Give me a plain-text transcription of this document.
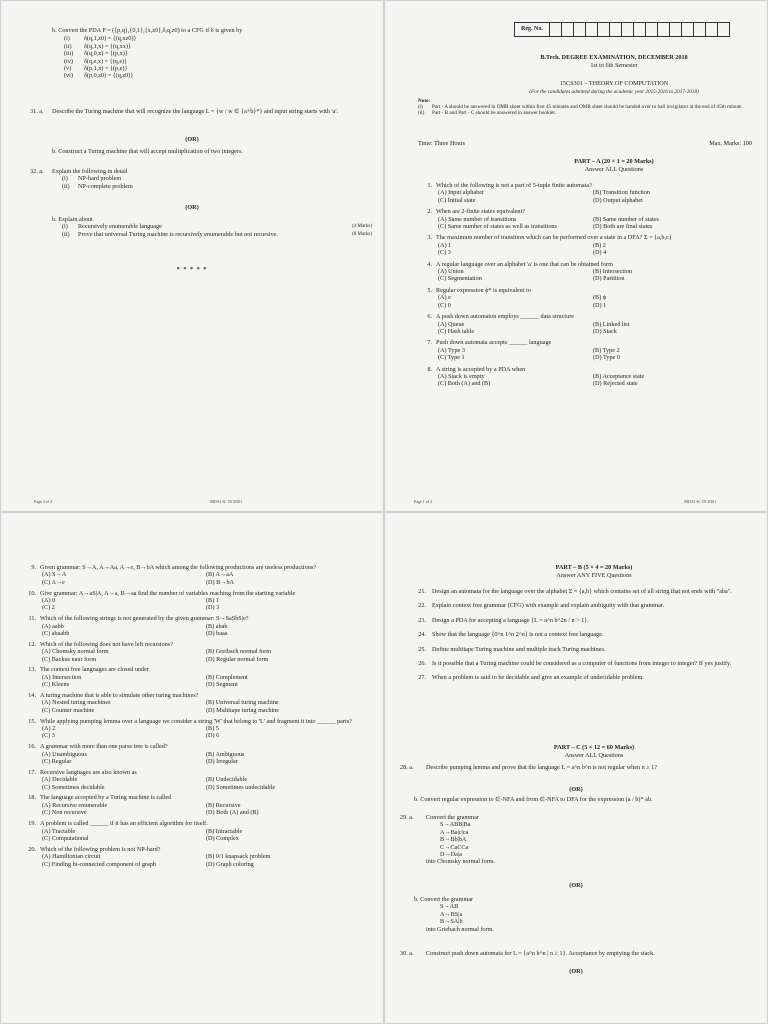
b. Convert the PDA P = ({p,q},{0,1},{x,z0},δ,q,z0) to a CFG if δ is given by
(i)	δ(q,1,z0) = {(q,xz0)}
(ii)	δ(q,1,x) = {(q,xx)}
(iii)	δ(q,0,x) = {(p,x)}
(iv)	δ(q,e,x) = {(q,e)}
(v)	δ(p,1,x) = {(p,e)}
(vi)	δ(p,0,z0) = {(q,z0)}
31. a.	Describe the Turing machine that will recognize the language L = {w / w ∈ {a+b}*} and input string starts with 'a'.
(OR)
b. Construct a Turing machine that will accept multiplication of two integers.
32. a.	Explain the following in detail
(i)	NP-hard problem
(ii)	NP-complete problem
(OR)
b. Explain about
(i)	Recursively enumerable language	(4 Marks)
(ii)	Prove that universal Turing machine is recursively enumerable but not recursive.	(8 Marks)
* * * * *
Page 4 of 4	08DA1-6/ 15CS301
Reg. No.
B.Tech. DEGREE EXAMINATION, DECEMBER 2018
1st to 6th Semester
15CS301 – THEORY OF COMPUTATION
(For the candidates admitted during the academic year 2015-2016 to 2017-2018)
Note:
(i)	Part - A should be answered in OMR sheet within first 45 minutes and OMR sheet should be handed over to hall invigilator at the end of 45th minute.
(ii)	Part - B and Part - C should be answered in answer booklet.
Time: Three Hours	Max. Marks: 100
PART – A (20 × 1 = 20 Marks)
Answer ALL Questions
1. Which of the following is not a part of 5-tuple finite automata?
(A) Input alphabet	(B) Transition function
(C) Initial state	(D) Output alphabet
2. When are 2-finite states equivalent?
(A) Same number of transitions	(B) Same number of states
(C) Same number of states as well as transitions	(D) Both are final states
3. The maximum number of transition which can be performed over a state in a DFA? Σ = {a,b,c}
(A) 1	(B) 2
(C) 3	(D) 4
4. A regular language over an alphabet 'a' is one that can be obtained form
(A) Union	(B) Intersection
(C) Segmentation	(D) Partition
5. Regular expression ϕ* is equivalent to
(A) e	(B) ϕ
(C) 0	(D) 1
6. A push down automaton employs ______ data structure
(A) Queue	(B) Linked list
(C) Hash table	(D) Stack
7. Push down automata accepts ______ language
(A) Type 3	(B) Type 2
(C) Type 1	(D) Type 0
8. A string is accepted by a PDA when
(A) Stack is empty	(B) Acceptance state
(C) Both (A) and (B)	(D) Rejected state
Page 1 of 4	08DA1-6/ 15CS301
9. Given grammar: S→A, A→Aa, A→e, B→bA which among the following productions are useless productions?
(A) S→A	(B) A→aA
(C) A→e	(D) B→bA
10. Give grammar: A→aS|A, A→a, B→aa find the number of variables reaching from the starting variable
(A) 0	(B) 1
(C) 2	(D) 3
11. Which of the following strings is not generated by the given grammar: S→SaSbS|e?
(A) aabb	(B) abab
(C) abaabb	(D) baaa
12. Which of the following does not have left recursions?
(A) Chomsky normal form	(B) Greibach normal form
(C) Backus naur form	(D) Regular normal form
13. The context free languages are closed under
(A) Intersection	(B) Complement
(C) Kleene	(D) Segment
14. A turing machine that is able to simulate other turing machines?
(A) Nested turing machines	(B) Universal turing machine
(C) Counter machine	(D) Multitape turing machine
15. While applying pumping lemma over a language we consider a string 'W' that belong to 'L' and fragment it into ______ parts?
(A) 2	(B) 5
(C) 3	(D) 6
16. A grammar with more than one parse tree is called?
(A) Unambiguous	(B) Ambiguous
(C) Regular	(D) Irregular
17. Recursive languages are also known as
(A) Decidable	(B) Undecidable
(C) Sometimes decidable	(D) Sometimes undecidable
18. The language accepted by a Turing machine is called
(A) Recursive enumerable	(B) Recursive
(C) Non recursive	(D) Both (A) and (B)
19. A problem is called ______ if it has an efficient algorithm for itself.
(A) Tractable	(B) Intractable
(C) Computational	(D) Complex
20. Which of the following problem is not NP-hard?
(A) Hamiltonian circuit	(B) 0/1 knapsack problem
(C) Finding bi-connected component of graph	(D) Graph coloring
PART – B (5 × 4 = 20 Marks)
Answer ANY FIVE Questions
21. Design an automata for the language over the alphabet Σ = {a,b} which contains set of all string that not ends with "aba".
22. Explain context free grammar (CFG) with example and explain ambiguity with that grammar.
23. Design a PDA for accepting a language {L = a^n b^2n / n > 1}.
24. Show that the language {0^n 1^n 2^n} is not a context free language.
25. Define multitape Turing machine and multiple track Turing machines.
26. Is it possible that a Turing machine could be considered as a computer of functions from integer to integer? If yes justify.
27. When a problem is said to be decidable and give an example of undecidable problem.
PART – C (5 × 12 = 60 Marks)
Answer ALL Questions
28. a.	Describe pumping lemma and prove that the language L = a^n b^n is not regular when n ≥ 1?
(OR)
b. Convert regular expression to ∈-NFA and from ∈-NFA to DFA for the expression (a / b)* ab.
29. a.	Convert the grammar
S→ABB|Ba
A→Ba|c|ca
B→Bb|bA
C→CaCCa
D→Da|a
into Chomsky normal form.
(OR)
b. Convert the grammar
S→AB
A→BS|a
B→SA|b
into Griebach normal form.
30. a.	Construct push down automata for L = {a^n b^n | n ≥ 1}. Acceptance by emptying the stack.
(OR)
